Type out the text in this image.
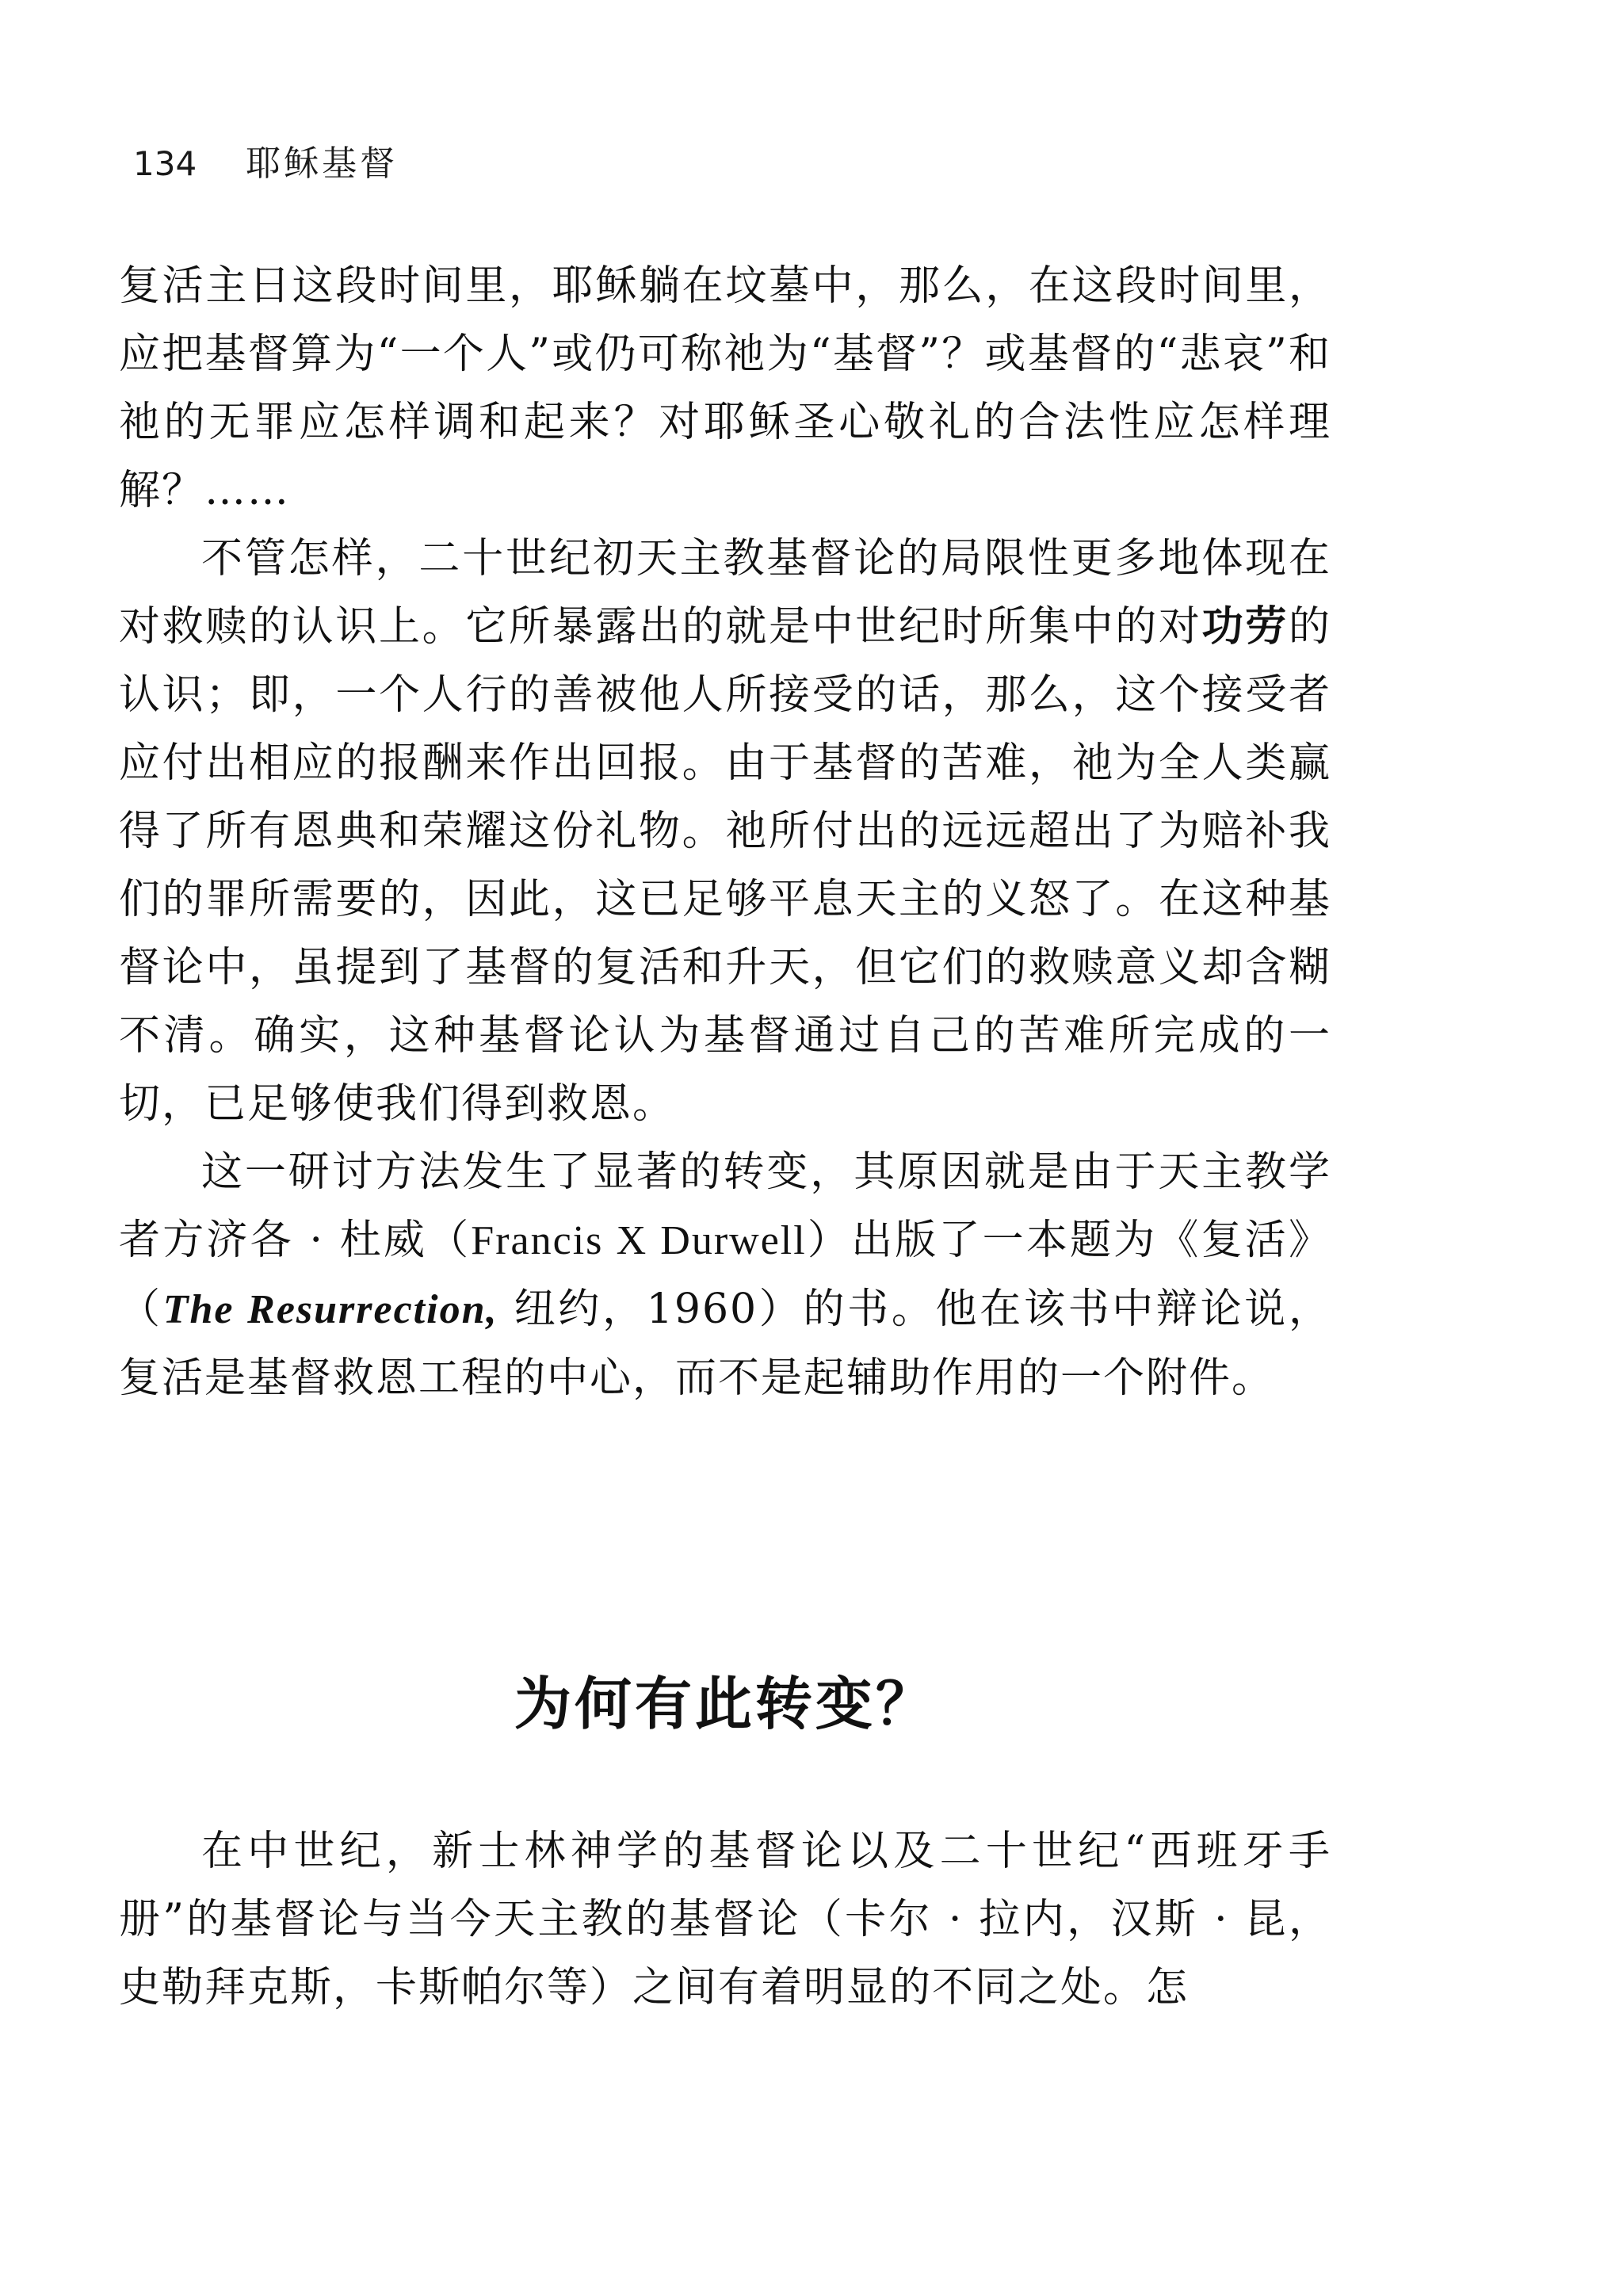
134 耶稣基督

复活主日这段时间里，耶稣躺在坟墓中，那么，在这段时间里，应把基督算为“一个人”或仍可称祂为“基督”？或基督的“悲哀”和祂的无罪应怎样调和起来？对耶稣圣心敬礼的合法性应怎样理解？……

不管怎样，二十世纪初天主教基督论的局限性更多地体现在对救赎的认识上。它所暴露出的就是中世纪时所集中的对功劳的认识；即，一个人行的善被他人所接受的话，那么，这个接受者应付出相应的报酬来作出回报。由于基督的苦难，祂为全人类赢得了所有恩典和荣耀这份礼物。祂所付出的远远超出了为赔补我们的罪所需要的，因此，这已足够平息天主的义怒了。在这种基督论中，虽提到了基督的复活和升天，但它们的救赎意义却含糊不清。确实，这种基督论认为基督通过自己的苦难所完成的一切，已足够使我们得到救恩。

这一研讨方法发生了显著的转变，其原因就是由于天主教学者方济各 · 杜威（Francis X Durwell）出版了一本题为《复活》（The Resurrection, 纽约，1960）的书。他在该书中辩论说，复活是基督救恩工程的中心，而不是起辅助作用的一个附件。

为何有此转变？

在中世纪，新士林神学的基督论以及二十世纪“西班牙手册”的基督论与当今天主教的基督论（卡尔 · 拉内，汉斯 · 昆，史勒拜克斯，卡斯帕尔等）之间有着明显的不同之处。怎
